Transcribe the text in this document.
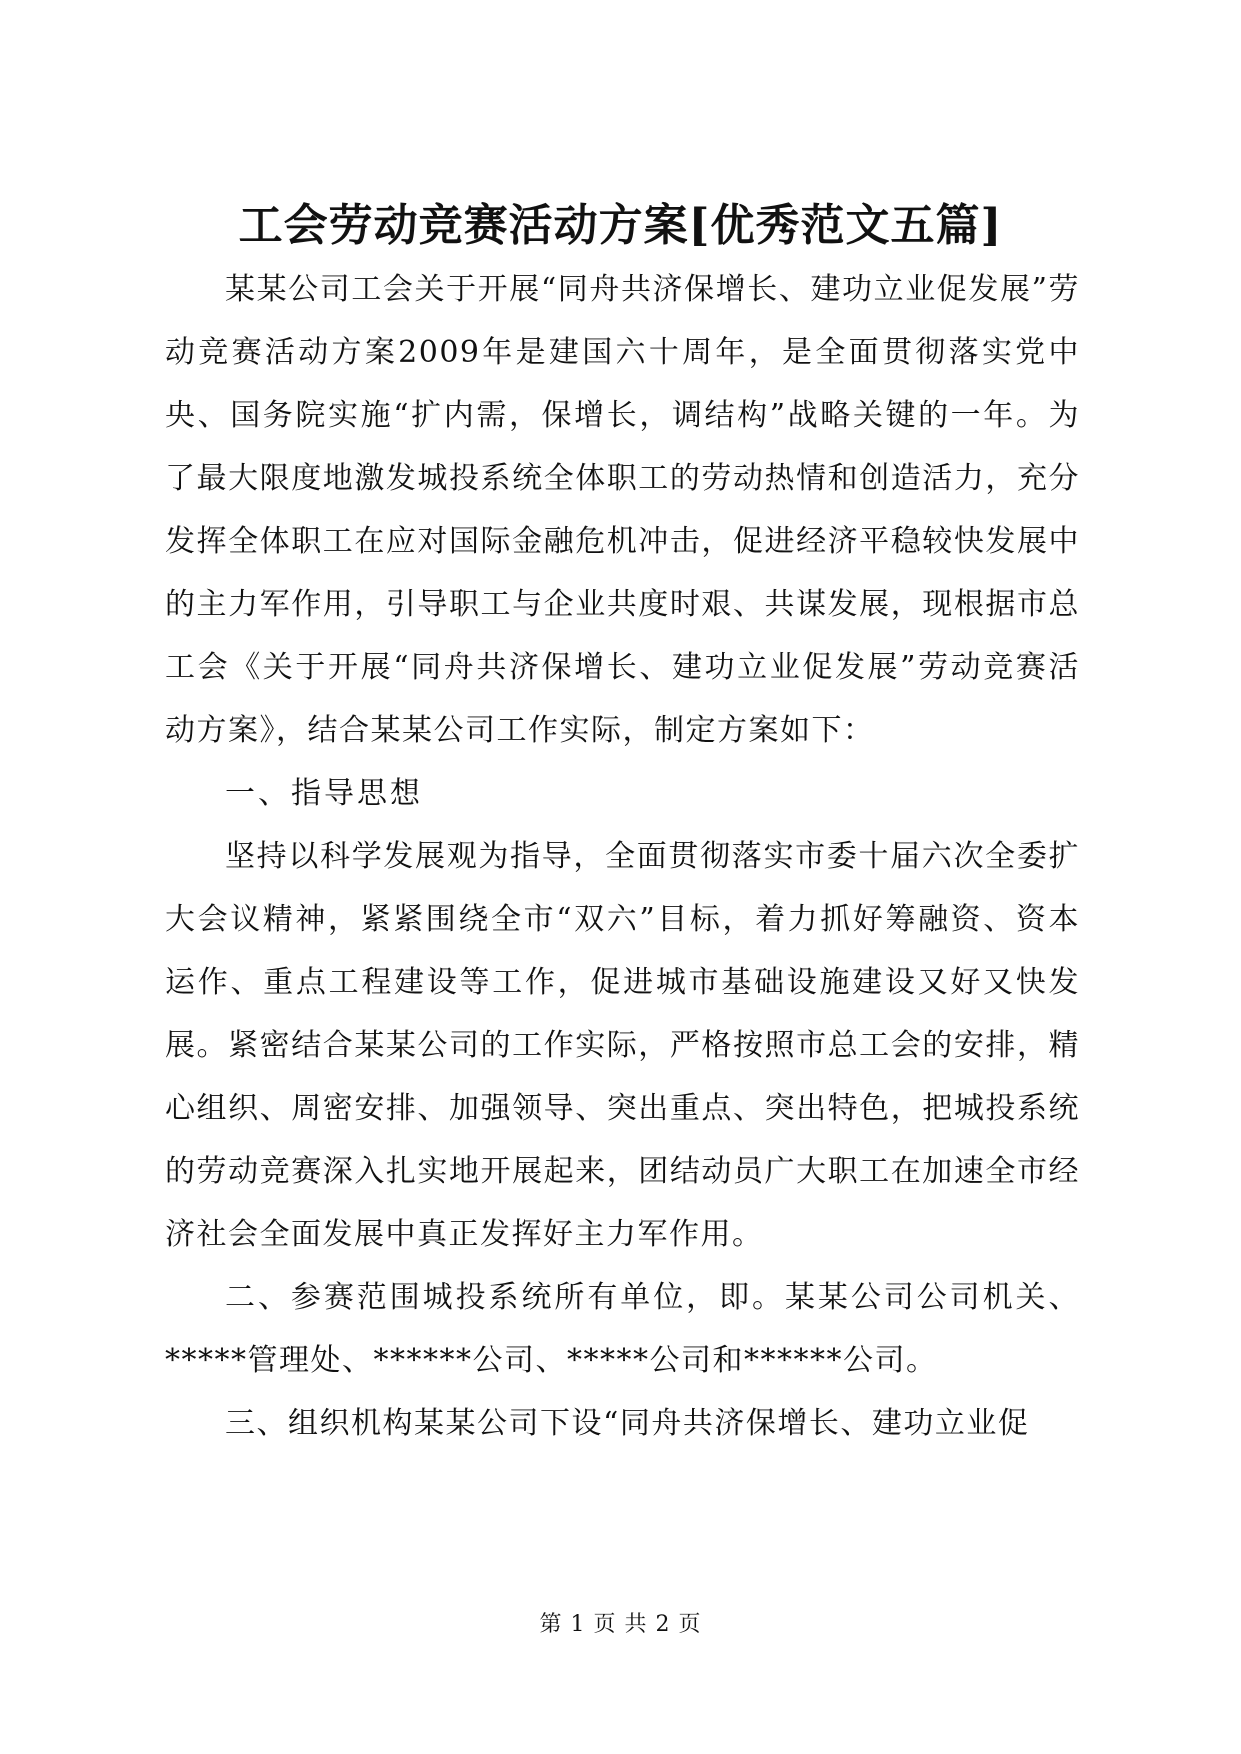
工会劳动竞赛活动方案[优秀范文五篇]

某某公司工会关于开展“同舟共济保增长、建功立业促发展”劳动竞赛活动方案2009年是建国六十周年，是全面贯彻落实党中央、国务院实施“扩内需，保增长，调结构”战略关键的一年。为了最大限度地激发城投系统全体职工的劳动热情和创造活力，充分发挥全体职工在应对国际金融危机冲击，促进经济平稳较快发展中的主力军作用，引导职工与企业共度时艰、共谋发展，现根据市总工会《关于开展“同舟共济保增长、建功立业促发展”劳动竞赛活动方案》，结合某某公司工作实际，制定方案如下：

一、指导思想

坚持以科学发展观为指导，全面贯彻落实市委十届六次全委扩大会议精神，紧紧围绕全市“双六”目标，着力抓好筹融资、资本运作、重点工程建设等工作，促进城市基础设施建设又好又快发展。紧密结合某某公司的工作实际，严格按照市总工会的安排，精心组织、周密安排、加强领导、突出重点、突出特色，把城投系统的劳动竞赛深入扎实地开展起来，团结动员广大职工在加速全市经济社会全面发展中真正发挥好主力军作用。

二、参赛范围城投系统所有单位，即。某某公司公司机关、*****管理处、******公司、*****公司和******公司。

三、组织机构某某公司下设“同舟共济保增长、建功立业促

第 1 页 共 2 页
